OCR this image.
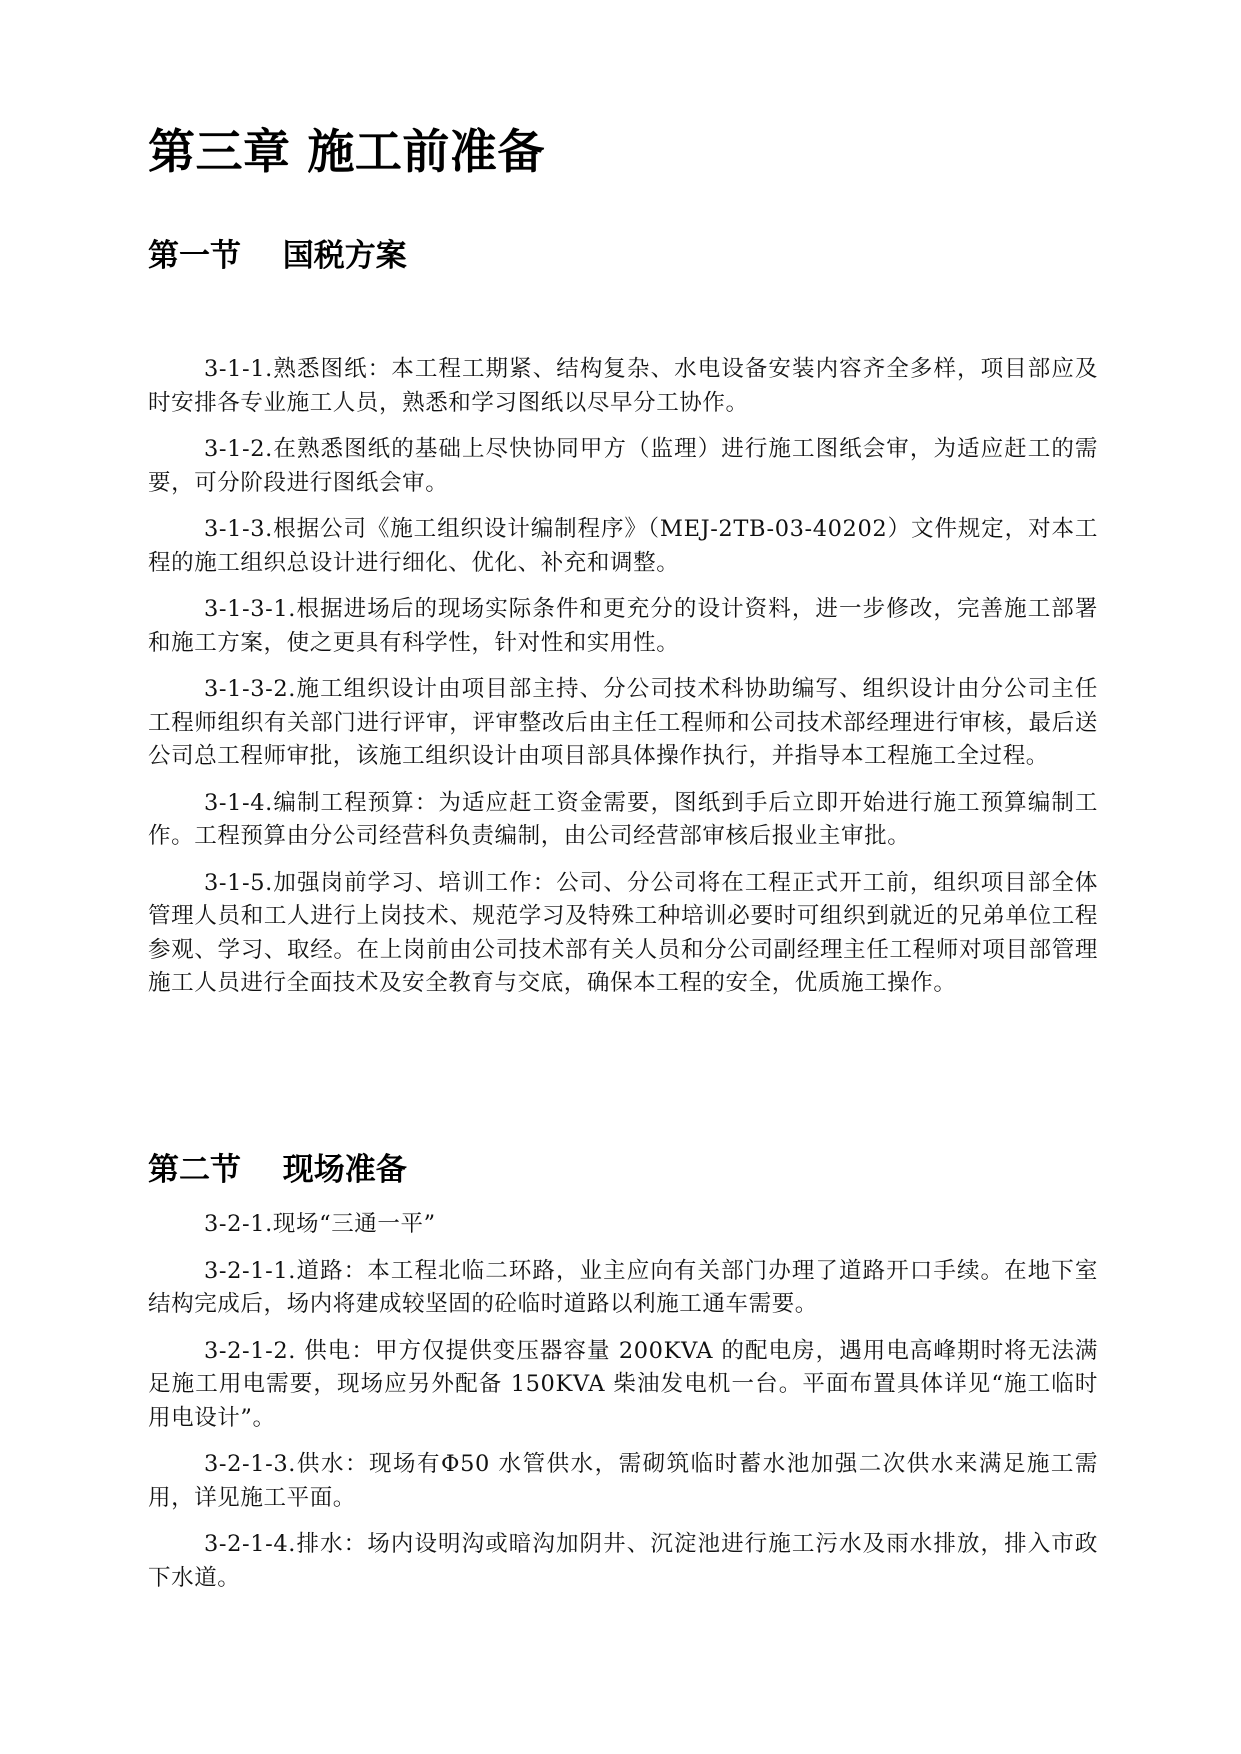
第三章 施工前准备
第一节　 国税方案

3-1-1.熟悉图纸：本工程工期紧、结构复杂、水电设备安装内容齐全多样，项目部应及时安排各专业施工人员，熟悉和学习图纸以尽早分工协作。

3-1-2.在熟悉图纸的基础上尽快协同甲方（监理）进行施工图纸会审，为适应赶工的需要，可分阶段进行图纸会审。

3-1-3.根据公司《施工组织设计编制程序》（MEJ-2TB-03-40202）文件规定，对本工程的施工组织总设计进行细化、优化、补充和调整。

3-1-3-1.根据进场后的现场实际条件和更充分的设计资料，进一步修改，完善施工部署和施工方案，使之更具有科学性，针对性和实用性。

3-1-3-2.施工组织设计由项目部主持、分公司技术科协助编写、组织设计由分公司主任工程师组织有关部门进行评审，评审整改后由主任工程师和公司技术部经理进行审核，最后送公司总工程师审批，该施工组织设计由项目部具体操作执行，并指导本工程施工全过程。

3-1-4.编制工程预算：为适应赶工资金需要，图纸到手后立即开始进行施工预算编制工作。工程预算由分公司经营科负责编制，由公司经营部审核后报业主审批。

3-1-5.加强岗前学习、培训工作：公司、分公司将在工程正式开工前，组织项目部全体管理人员和工人进行上岗技术、规范学习及特殊工种培训必要时可组织到就近的兄弟单位工程参观、学习、取经。在上岗前由公司技术部有关人员和分公司副经理主任工程师对项目部管理施工人员进行全面技术及安全教育与交底，确保本工程的安全，优质施工操作。

第二节　 现场准备

3-2-1.现场“三通一平”

3-2-1-1.道路：本工程北临二环路，业主应向有关部门办理了道路开口手续。在地下室结构完成后，场内将建成较坚固的砼临时道路以利施工通车需要。

3-2-1-2. 供电：甲方仅提供变压器容量 200KVA 的配电房，遇用电高峰期时将无法满足施工用电需要，现场应另外配备 150KVA 柴油发电机一台。平面布置具体详见“施工临时用电设计”。

3-2-1-3.供水：现场有Φ50 水管供水，需砌筑临时蓄水池加强二次供水来满足施工需用，详见施工平面。

3-2-1-4.排水：场内设明沟或暗沟加阴井、沉淀池进行施工污水及雨水排放，排入市政下水道。
